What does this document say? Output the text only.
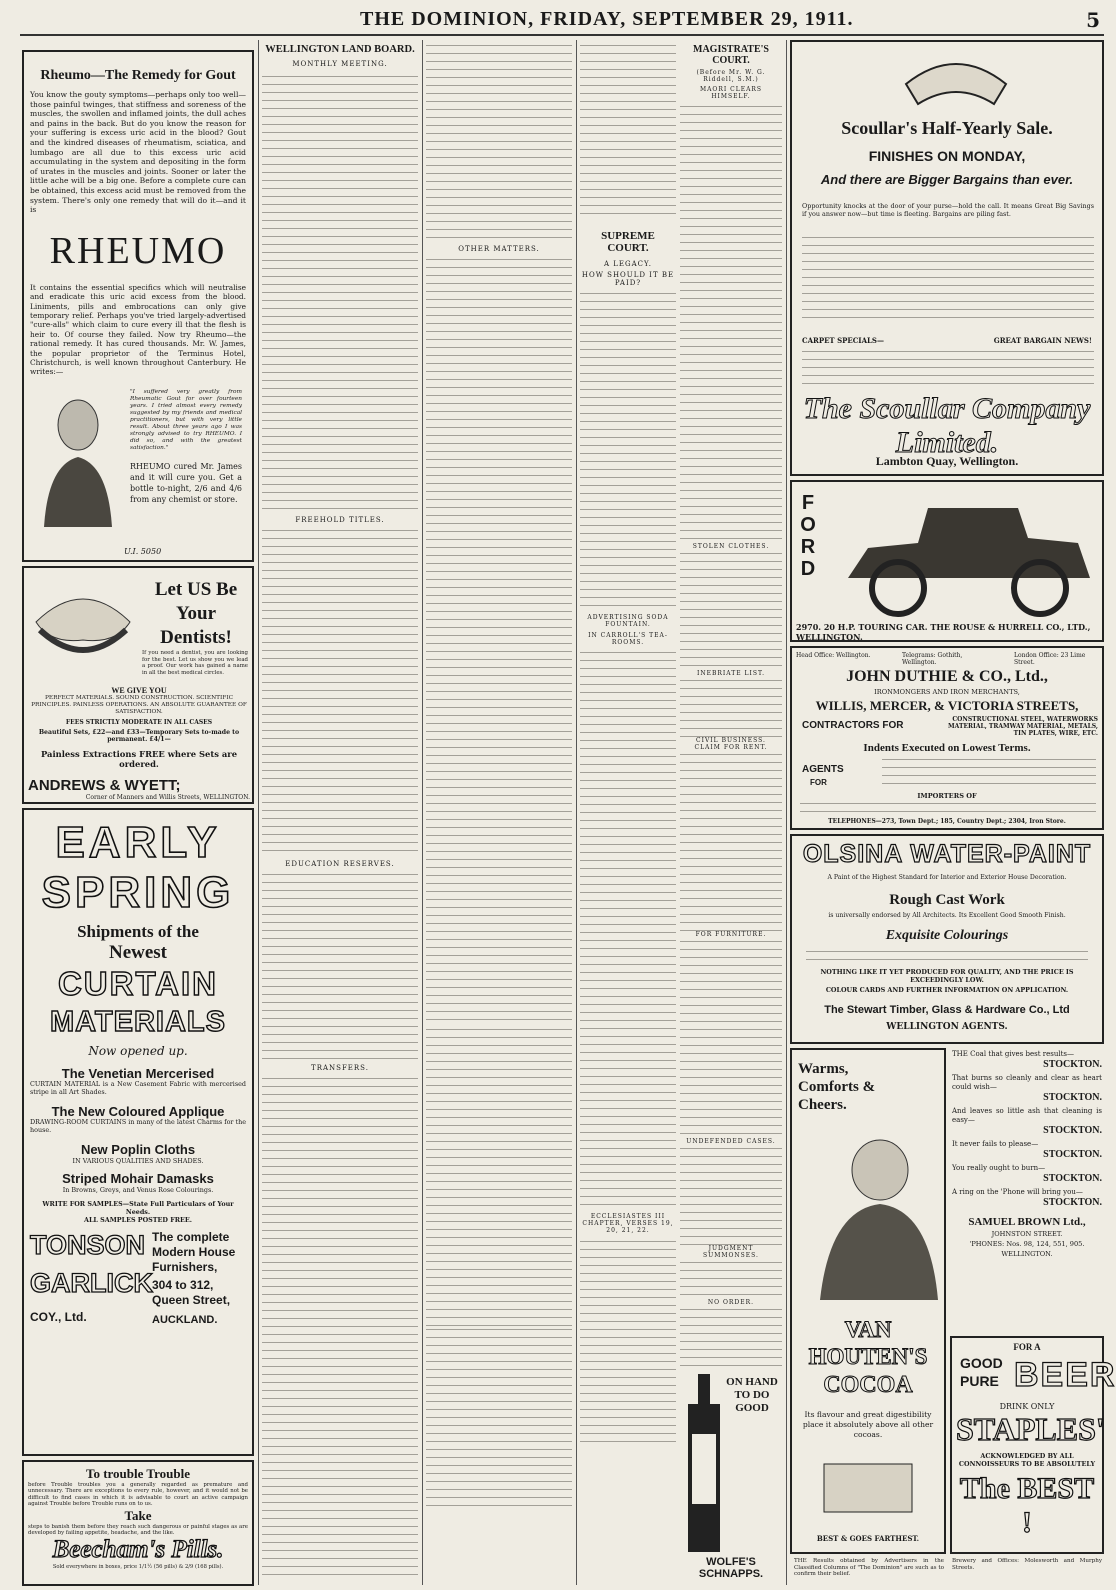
THE DOMINION, FRIDAY, SEPTEMBER 29, 1911.	5
Rheumo—The Remedy for Gout
You know the gouty symptoms—perhaps only too well—those painful twinges, that stiffness and soreness of the muscles, the swollen and inflamed joints, the dull aches and pains in the back. But do you know the reason for your suffering is excess uric acid in the blood? Gout and the kindred diseases of rheumatism, sciatica, and lumbago are all due to this excess uric acid accumulating in the system and depositing in the form of urates in the muscles and joints. Sooner or later the little ache will be a big one. Before a complete cure can be obtained, this excess acid must be removed from the system. There's only one remedy that will do it—and it is
RHEUMO
It contains the essential specifics which will neutralise and eradicate this uric acid excess from the blood. Liniments, pills and embrocations can only give temporary relief. Perhaps you've tried largely-advertised "cure-alls" which claim to cure every ill that the flesh is heir to. Of course they failed. Now try Rheumo—the rational remedy. It has cured thousands. Mr. W. James, the popular proprietor of the Terminus Hotel, Christchurch, is well known throughout Canterbury. He writes:—
"I suffered very greatly from Rheumatic Gout for over fourteen years. I tried almost every remedy suggested by my friends and medical practitioners, but with very little result. About three years ago I was strongly advised to try RHEUMO. I did so, and with the greatest satisfaction."
RHEUMO cured Mr. James and it will cure you. Get a bottle to-night, 2/6 and 4/6 from any chemist or store.
U.I. 5050
Let US Be Your Dentists!
If you need a dentist, you are looking for the best. Let us show you we lead a proof. Our work has gained a name in all the best medical circles.
WE GIVE YOU
PERFECT MATERIALS. SOUND CONSTRUCTION. SCIENTIFIC PRINCIPLES. PAINLESS OPERATIONS. AN ABSOLUTE GUARANTEE OF SATISFACTION.
FEES STRICTLY MODERATE IN ALL CASES
Beautiful Sets, £22—and £33—Temporary Sets to-made to permanent. £4/1—
Painless Extractions FREE where Sets are ordered.
ANDREWS & WYETT;
Corner of Manners and Willis Streets, WELLINGTON.
EARLY
SPRING
Shipments of the
Newest
CURTAIN
MATERIALS
Now opened up.
The Venetian Mercerised
CURTAIN MATERIAL is a New Casement Fabric with mercerised stripe in all Art Shades.
The New Coloured Applique
DRAWING-ROOM CURTAINS in many of the latest Charms for the house.
New Poplin Cloths
IN VARIOUS QUALITIES AND SHADES.
Striped Mohair Damasks
In Browns, Greys, and Venus Rose Colourings.
WRITE FOR SAMPLES—State Full Particulars of Your Needs.
ALL SAMPLES POSTED FREE.
TONSON
GARLICK
COY., Ltd.
The complete Modern House Furnishers,
304 to 312, Queen Street,
AUCKLAND.
To trouble Trouble
before Trouble troubles you a generally regarded as premature and unnecessary. There are exceptions to every rule, however, and it would not be difficult to find cases in which it is advisable to court an active campaign against Trouble before Trouble runs on to us.
Take
steps to banish them before they reach such dangerous or painful stages as are developed by failing appetite, headache, and the like.
Beecham's Pills.
Sold everywhere in boxes, price 1/1½ (56 pills) & 2/9 (168 pills).
WELLINGTON LAND BOARD.
MONTHLY MEETING.
FREEHOLD TITLES.
EDUCATION RESERVES.
TRANSFERS.
OTHER MATTERS.
SUPREME COURT.
A LEGACY.
HOW SHOULD IT BE PAID?
ADVERTISING SODA FOUNTAIN.
IN CARROLL'S TEA-ROOMS.
ECCLESIASTES III CHAPTER, VERSES 19, 20, 21, 22.
MAGISTRATE'S COURT.
(Before Mr. W. G. Riddell, S.M.)
MAORI CLEARS HIMSELF.
STOLEN CLOTHES.
INEBRIATE LIST.
CIVIL BUSINESS.
CLAIM FOR RENT.
FOR FURNITURE.
UNDEFENDED CASES.
JUDGMENT SUMMONSES.
NO ORDER.
ON HAND TO DO GOOD
WOLFE'S SCHNAPPS.
Scoullar's Half-Yearly Sale.
FINISHES ON MONDAY,
And there are Bigger Bargains than ever.
Opportunity knocks at the door of your purse—hold the call. It means Great Big Savings if you answer now—but time is fleeting. Bargains are piling fast.
CARPET SPECIALS—	GREAT BARGAIN NEWS!
The Scoullar Company Limited.
Lambton Quay, Wellington.
FORD
2970. 20 H.P. TOURING CAR. THE ROUSE & HURRELL CO., LTD., WELLINGTON.
Head Office: Wellington.	Telegrams: Gothith, Wellington.
London Office: 23 Lime Street.
JOHN DUTHIE & CO., Ltd.,
IRONMONGERS AND IRON MERCHANTS,
WILLIS, MERCER, & VICTORIA STREETS,
CONTRACTORS FOR
CONSTRUCTIONAL STEEL, WATERWORKS MATERIAL, TRAMWAY MATERIAL, METALS, TIN PLATES, WIRE, ETC.
Indents Executed on Lowest Terms.
AGENTS
FOR
IMPORTERS OF
TELEPHONES—273, Town Dept.; 185, Country Dept.; 2304, Iron Store.
OLSINA WATER-PAINT
A Paint of the Highest Standard for Interior and Exterior House Decoration.
Rough Cast Work
is universally endorsed by All Architects. Its Excellent Good Smooth Finish.
Exquisite Colourings
NOTHING LIKE IT YET PRODUCED FOR QUALITY, AND THE PRICE IS EXCEEDINGLY LOW.
COLOUR CARDS AND FURTHER INFORMATION ON APPLICATION.
The Stewart Timber, Glass & Hardware Co., Ltd
WELLINGTON AGENTS.
Warms, Comforts & Cheers.
VAN HOUTEN'S
COCOA
Its flavour and great digestibility place it absolutely above all other cocoas.
BEST & GOES FARTHEST.
THE Coal that gives best results—
STOCKTON.
That burns so cleanly and clear as heart could wish—
STOCKTON.
And leaves so little ash that cleaning is easy—
STOCKTON.
It never fails to please—
STOCKTON.
You really ought to burn—
STOCKTON.
A ring on the 'Phone will bring you—
STOCKTON.
SAMUEL BROWN Ltd.,
JOHNSTON STREET.
'PHONES: Nos. 98, 124, 551, 905.
WELLINGTON.
FOR A
GOOD PURE BEER
DRINK ONLY
STAPLES'
ACKNOWLEDGED BY ALL CONNOISSEURS TO BE ABSOLUTELY
The BEST !
THE Results obtained by Advertisers in the Classified Columns of "The Dominion" are such as to confirm their belief.
Brewery and Offices: Molesworth and Murphy Streets.
